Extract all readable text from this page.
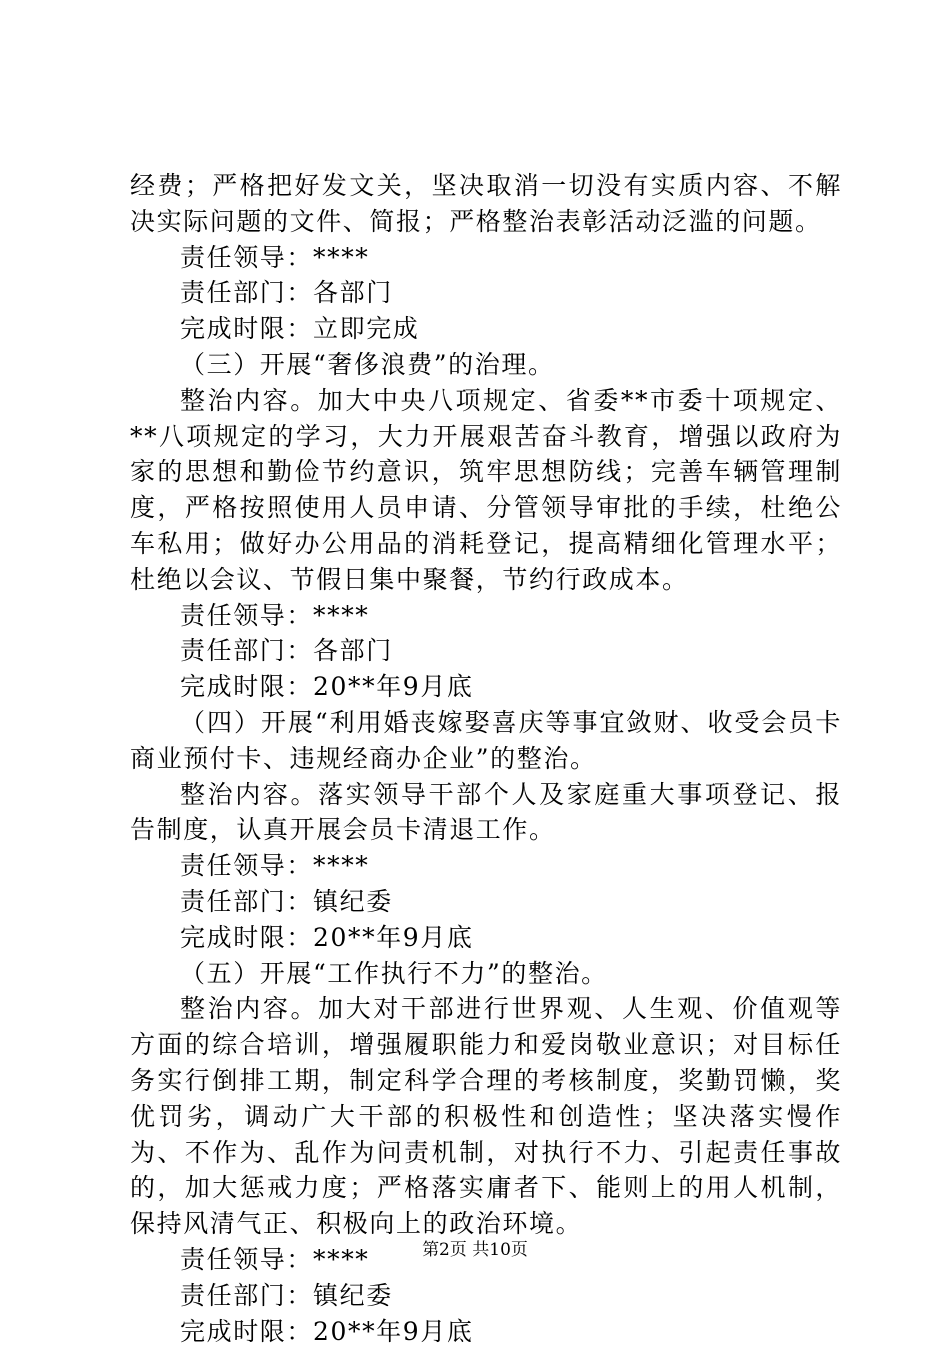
经费；严格把好发文关，坚决取消一切没有实质内容、不解决实际问题的文件、简报；严格整治表彰活动泛滥的问题。

责任领导：****

责任部门：各部门

完成时限：立即完成

（三）开展“奢侈浪费”的治理。

整治内容。加大中央八项规定、省委**市委十项规定、**八项规定的学习，大力开展艰苦奋斗教育，增强以政府为家的思想和勤俭节约意识，筑牢思想防线；完善车辆管理制度，严格按照使用人员申请、分管领导审批的手续，杜绝公车私用；做好办公用品的消耗登记，提高精细化管理水平；杜绝以会议、节假日集中聚餐，节约行政成本。

责任领导：****

责任部门：各部门

完成时限：20**年9月底

（四）开展“利用婚丧嫁娶喜庆等事宜敛财、收受会员卡商业预付卡、违规经商办企业”的整治。

整治内容。落实领导干部个人及家庭重大事项登记、报告制度，认真开展会员卡清退工作。

责任领导：****

责任部门：镇纪委

完成时限：20**年9月底

（五）开展“工作执行不力”的整治。

整治内容。加大对干部进行世界观、人生观、价值观等方面的综合培训，增强履职能力和爱岗敬业意识；对目标任务实行倒排工期，制定科学合理的考核制度，奖勤罚懒，奖优罚劣，调动广大干部的积极性和创造性；坚决落实慢作为、不作为、乱作为问责机制，对执行不力、引起责任事故的，加大惩戒力度；严格落实庸者下、能则上的用人机制，保持风清气正、积极向上的政治环境。

责任领导：****

责任部门：镇纪委

完成时限：20**年9月底

第2页 共10页
